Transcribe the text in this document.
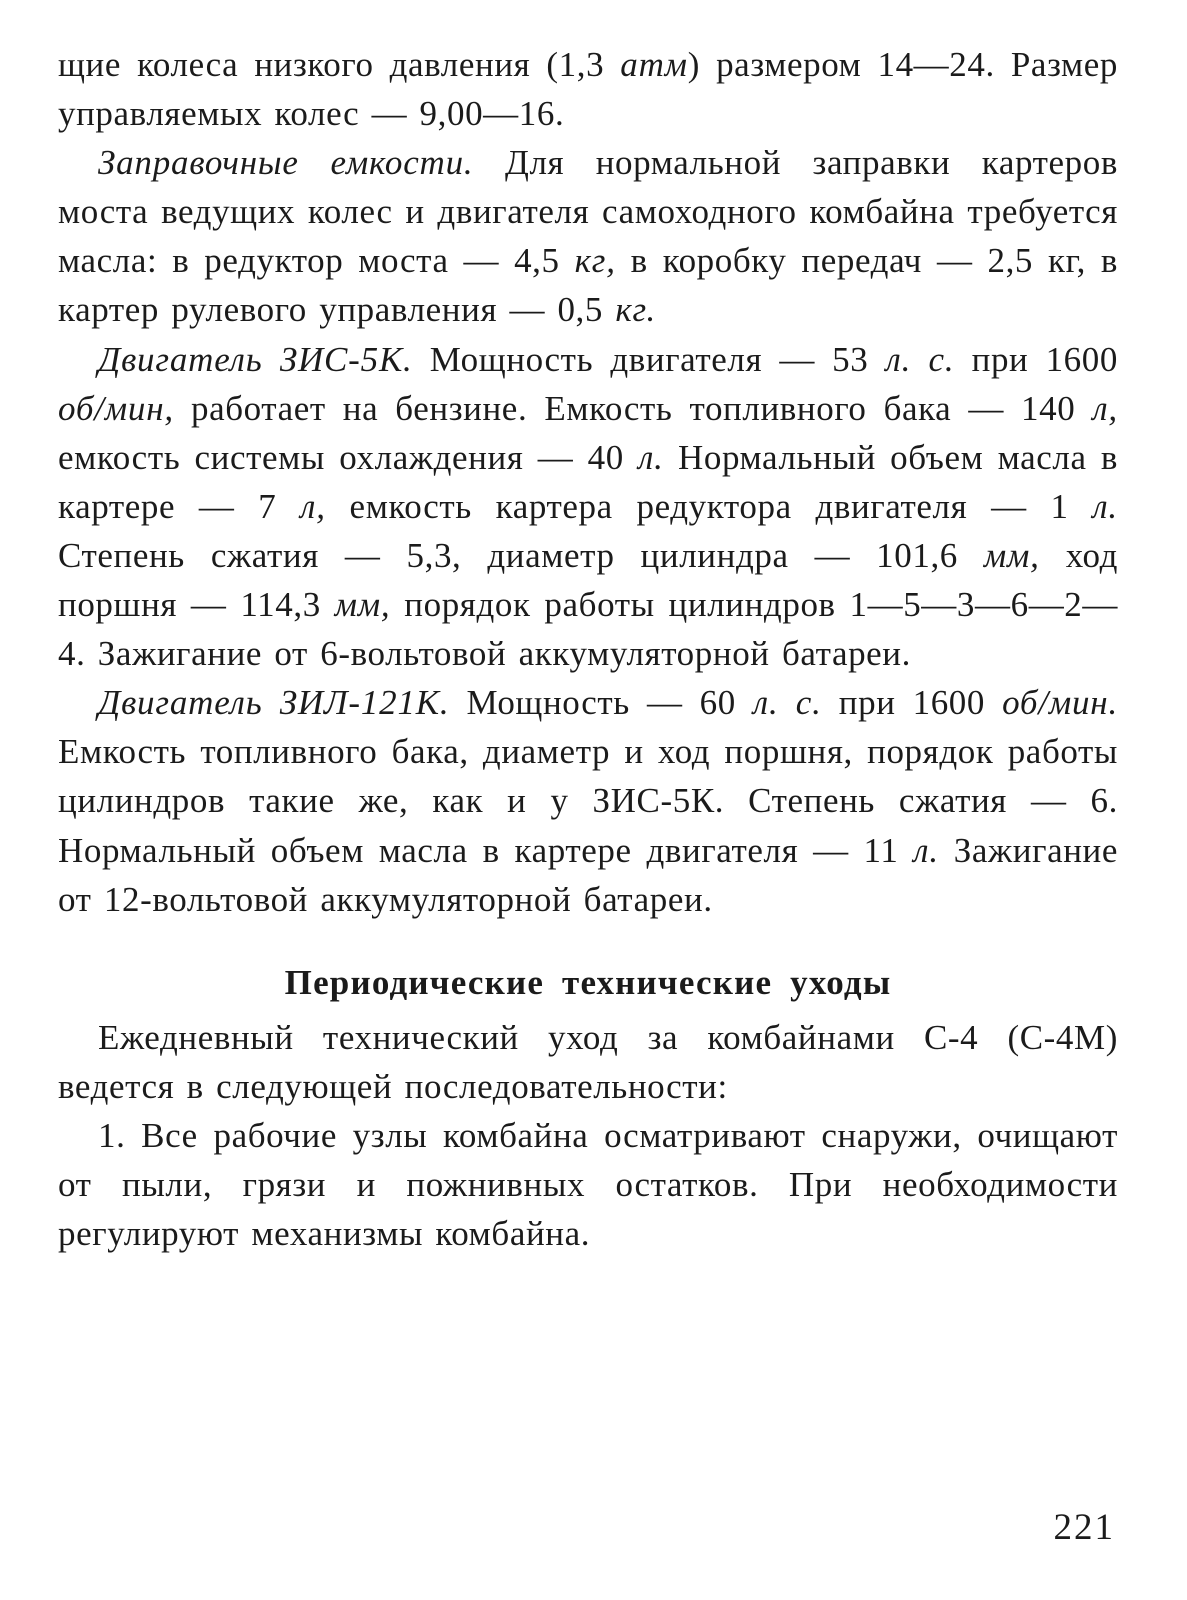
щие колеса низкого давления (1,3 атм) размером 14—24. Размер управляемых колес — 9,00—16.

Заправочные емкости. Для нормальной заправки картеров моста ведущих колес и двигателя самоходного комбайна требуется масла: в редуктор моста — 4,5 кг, в коробку передач — 2,5 кг, в картер рулевого управления — 0,5 кг.

Двигатель ЗИС-5К. Мощность двигателя — 53 л. с. при 1600 об/мин, работает на бензине. Емкость топливного бака — 140 л, емкость системы охлаждения — 40 л. Нормальный объем масла в картере — 7 л, емкость картера редуктора двигателя — 1 л. Степень сжатия — 5,3, диаметр цилиндра — 101,6 мм, ход поршня — 114,3 мм, порядок работы цилиндров 1—5—3—6—2—4. Зажигание от 6-вольтовой аккумуляторной батареи.

Двигатель ЗИЛ-121К. Мощность — 60 л. с. при 1600 об/мин. Емкость топливного бака, диаметр и ход поршня, порядок работы цилиндров такие же, как и у ЗИС-5К. Степень сжатия — 6. Нормальный объем масла в картере двигателя — 11 л. Зажигание от 12-вольтовой аккумуляторной батареи.

Периодические технические уходы

Ежедневный технический уход за комбайнами С-4 (С-4М) ведется в следующей последовательности:

1. Все рабочие узлы комбайна осматривают снаружи, очищают от пыли, грязи и пожнивных остатков. При необходимости регулируют механизмы комбайна.

221
